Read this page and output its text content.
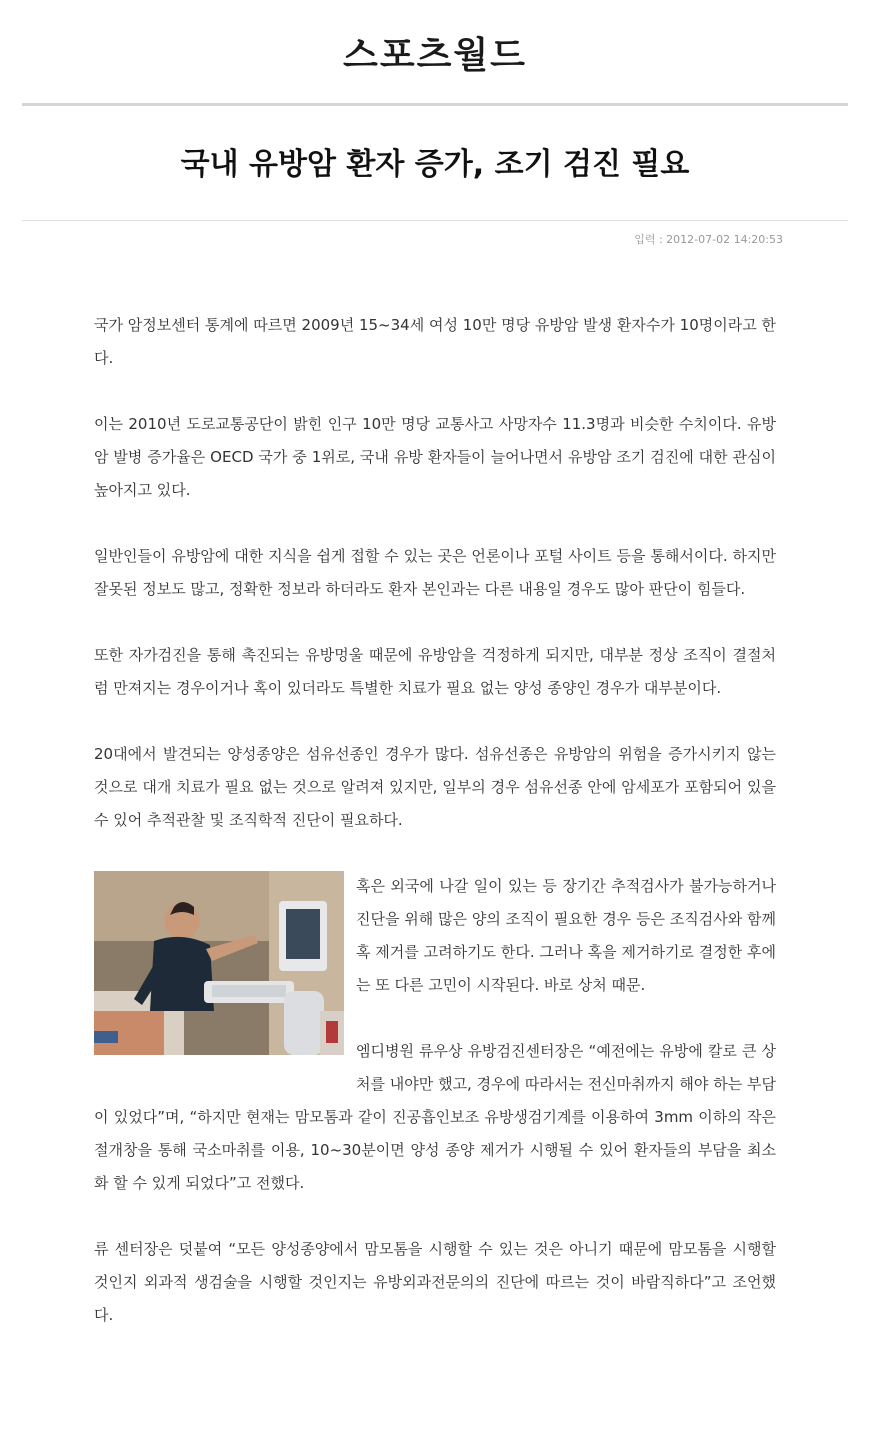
스포츠월드
국내 유방암 환자 증가, 조기 검진 필요
입력 : 2012-07-02 14:20:53

국가 암정보센터 통계에 따르면 2009년 15~34세 여성 10만 명당 유방암 발생 환자수가 10명이라고 한다.

이는 2010년 도로교통공단이 밝힌 인구 10만 명당 교통사고 사망자수 11.3명과 비슷한 수치이다. 유방암 발병 증가율은 OECD 국가 중 1위로, 국내 유방 환자들이 늘어나면서 유방암 조기 검진에 대한 관심이 높아지고 있다.

일반인들이 유방암에 대한 지식을 쉽게 접할 수 있는 곳은 언론이나 포털 사이트 등을 통해서이다. 하지만 잘못된 정보도 많고, 정확한 정보라 하더라도 환자 본인과는 다른 내용일 경우도 많아 판단이 힘들다.

또한 자가검진을 통해 촉진되는 유방멍울 때문에 유방암을 걱정하게 되지만, 대부분 정상 조직이 결절처럼 만져지는 경우이거나 혹이 있더라도 특별한 치료가 필요 없는 양성 종양인 경우가 대부분이다.

20대에서 발견되는 양성종양은 섬유선종인 경우가 많다. 섬유선종은 유방암의 위험을 증가시키지 않는 것으로 대개 치료가 필요 없는 것으로 알려져 있지만, 일부의 경우 섬유선종 안에 암세포가 포함되어 있을 수 있어 추적관찰 및 조직학적 진단이 필요하다.

혹은 외국에 나갈 일이 있는 등 장기간 추적검사가 불가능하거나 진단을 위해 많은 양의 조직이 필요한 경우 등은 조직검사와 함께 혹 제거를 고려하기도 한다. 그러나 혹을 제거하기로 결정한 후에는 또 다른 고민이 시작된다. 바로 상처 때문.

엠디병원 류우상 유방검진센터장은 “예전에는 유방에 칼로 큰 상처를 내야만 했고, 경우에 따라서는 전신마취까지 해야 하는 부담이 있었다”며, “하지만 현재는 맘모톰과 같이 진공흡인보조 유방생검기계를 이용하여 3mm 이하의 작은 절개창을 통해 국소마취를 이용, 10~30분이면 양성 종양 제거가 시행될 수 있어 환자들의 부담을 최소화 할 수 있게 되었다”고 전했다.

류 센터장은 덧붙여 “모든 양성종양에서 맘모톰을 시행할 수 있는 것은 아니기 때문에 맘모톰을 시행할 것인지 외과적 생검술을 시행할 것인지는 유방외과전문의의 진단에 따르는 것이 바람직하다”고 조언했다.
